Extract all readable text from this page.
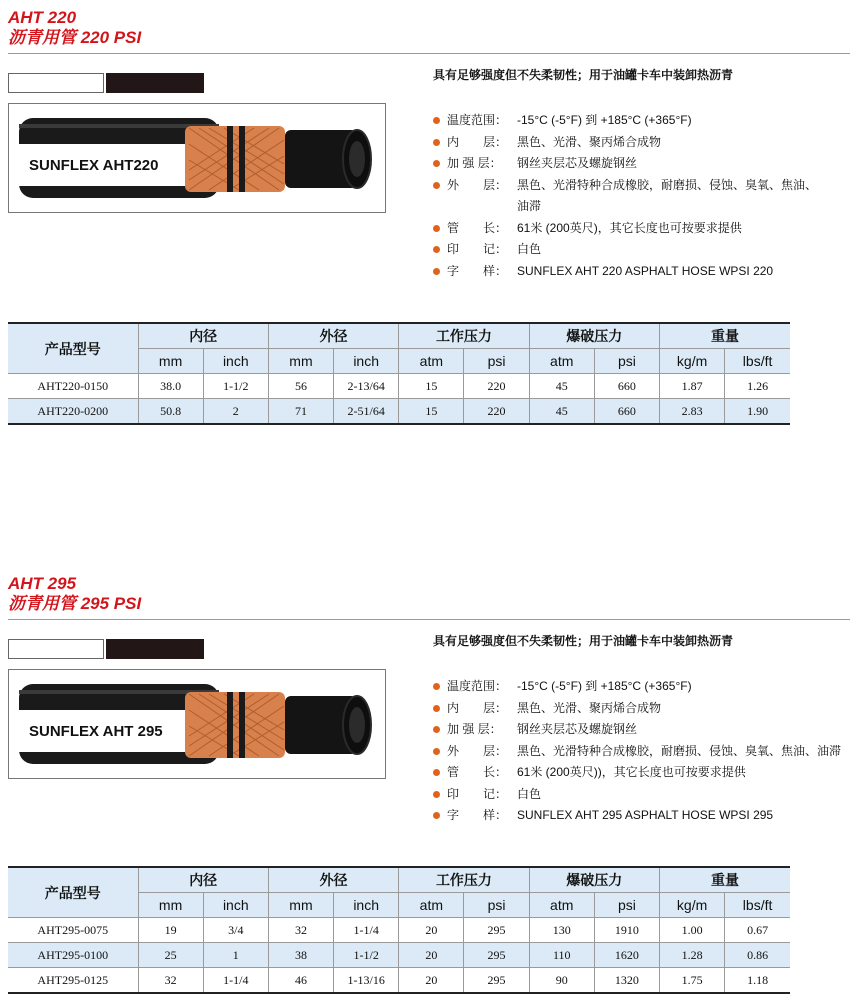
AHT 220
沥青用管 220 PSI
SUNFLEX AHT220

具有足够强度但不失柔韧性；用于油罐卡车中装卸热沥青

温度范围： -15°C (-5°F) 到 +185°C (+365°F)
内　　层： 黑色、光滑、聚丙烯合成物
加 强 层： 钢丝夹层芯及螺旋钢丝
外　　层： 黑色、光滑特种合成橡胶，耐磨损、侵蚀、臭氧、焦油、
油滞
管　　长： 61米 (200英尺)，其它长度也可按要求提供
印　　记： 白色
字　　样： SUNFLEX AHT 220 ASPHALT HOSE WPSI 220
产品型号	内径		外径		工作压力		爆破压力		重量	
	mm	inch	mm	inch	atm	psi	atm	psi	kg/m	lbs/ft
AHT220-0150	38.0	1-1/2	56	2-13/64	15	220	45	660	1.87	1.26
AHT220-0200	50.8	2	71	2-51/64	15	220	45	660	2.83	1.90
AHT 295
沥青用管 295 PSI
SUNFLEX AHT 295

具有足够强度但不失柔韧性；用于油罐卡车中装卸热沥青

温度范围： -15°C (-5°F) 到 +185°C (+365°F)
内　　层： 黑色、光滑、聚丙烯合成物
加 强 层： 钢丝夹层芯及螺旋钢丝
外　　层： 黑色、光滑特种合成橡胶，耐磨损、侵蚀、臭氧、焦油、油滞
管　　长： 61米 (200英尺))，其它长度也可按要求提供
印　　记： 白色
字　　样： SUNFLEX AHT 295 ASPHALT HOSE WPSI 295
产品型号	内径		外径		工作压力		爆破压力		重量	
	mm	inch	mm	inch	atm	psi	atm	psi	kg/m	lbs/ft
AHT295-0075	19	3/4	32	1-1/4	20	295	130	1910	1.00	0.67
AHT295-0100	25	1	38	1-1/2	20	295	110	1620	1.28	0.86
AHT295-0125	32	1-1/4	46	1-13/16	20	295	90	1320	1.75	1.18
